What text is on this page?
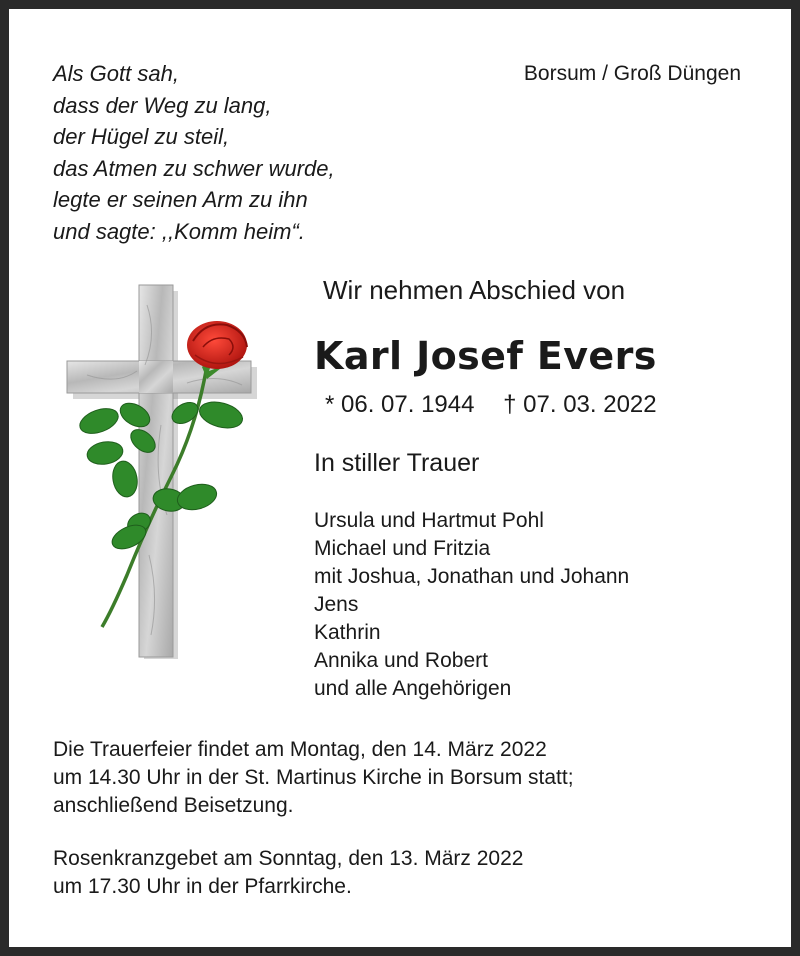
Als Gott sah,
dass der Weg zu lang,
der Hügel zu steil,
das Atmen zu schwer wurde,
legte er seinen Arm zu ihn
und sagte: ,,Komm heim“.
Borsum / Groß Düngen
Wir nehmen Abschied von
Karl Josef Evers
* 06. 07. 1944 † 07. 03. 2022
In stiller Trauer
Ursula und Hartmut Pohl
Michael und Fritzia
mit Joshua, Jonathan und Johann
Jens
Kathrin
Annika und Robert
und alle Angehörigen
Die Trauerfeier findet am Montag, den 14. März 2022
um 14.30 Uhr in der St. Martinus Kirche in Borsum statt;
anschließend Beisetzung.
Rosenkranzgebet am Sonntag, den 13. März 2022
um 17.30 Uhr in der Pfarrkirche.
